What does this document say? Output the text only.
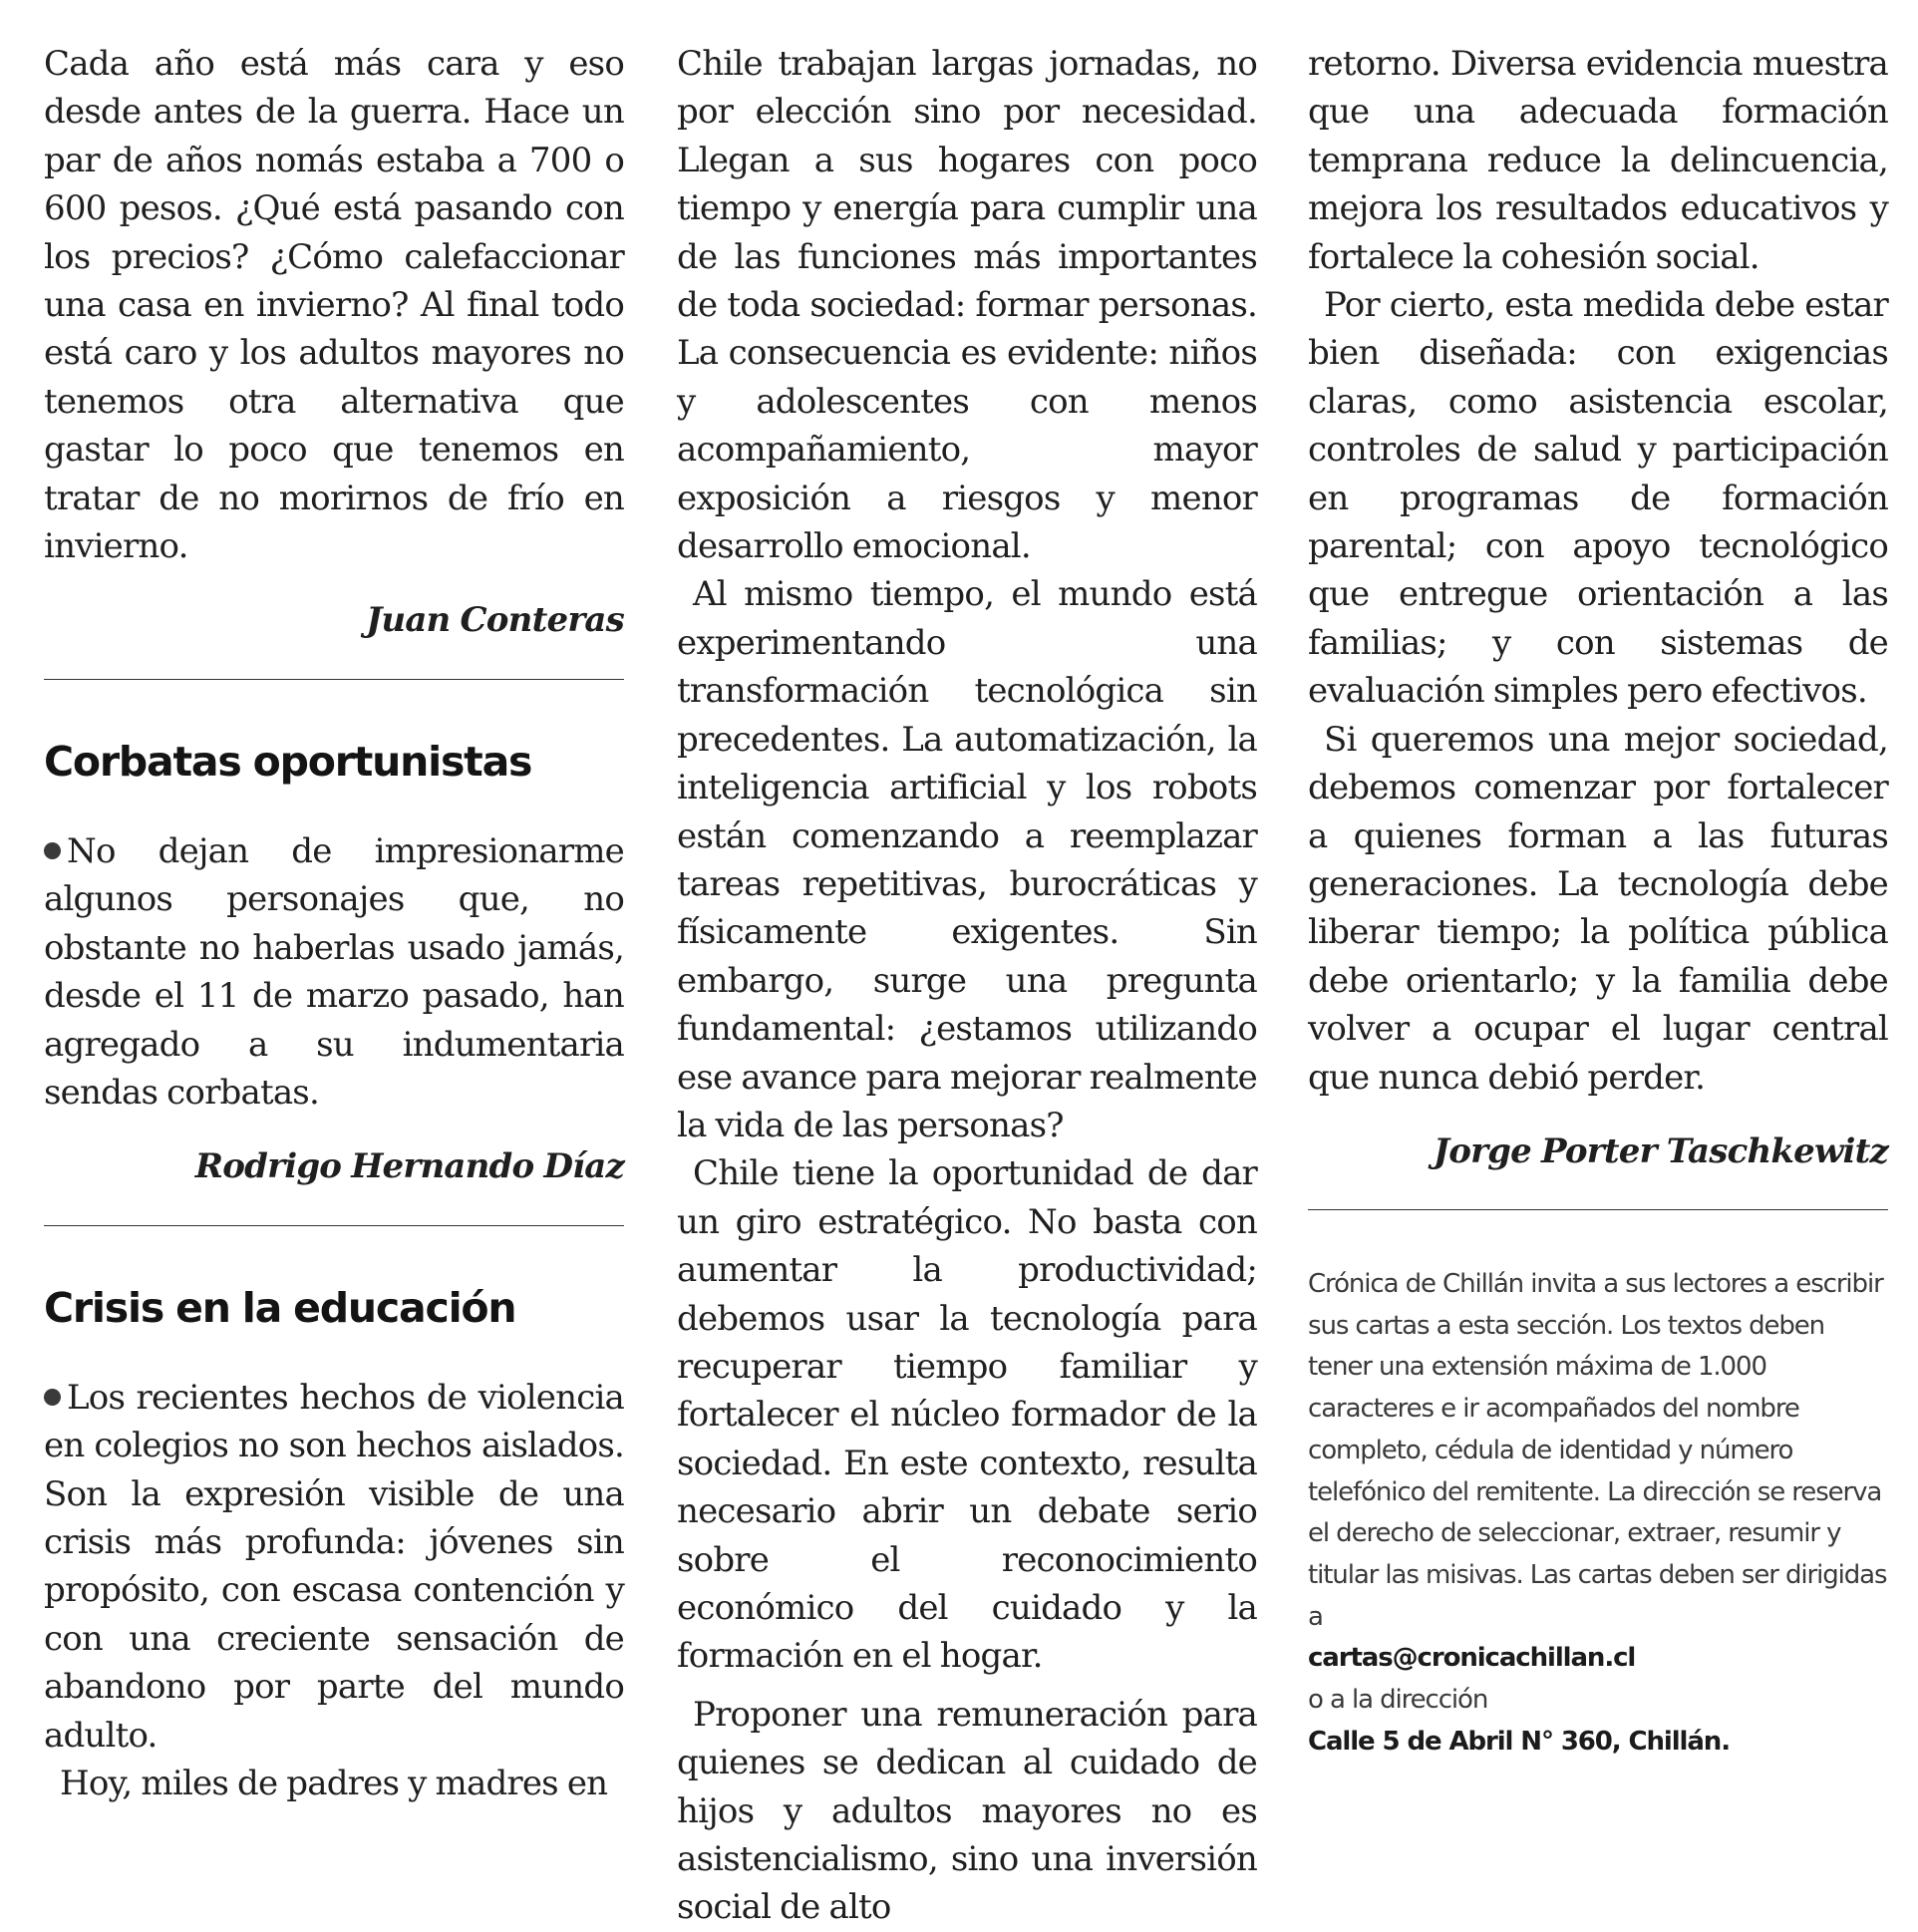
Cada año está más cara y eso desde antes de la guerra. Hace un par de años nomás estaba a 700 o 600 pesos. ¿Qué está pasando con los precios? ¿Cómo calefaccionar una casa en invierno? Al final todo está caro y los adultos mayores no tenemos otra alternativa que gastar lo poco que tenemos en tratar de no morirnos de frío en invierno.

Juan Conteras

Corbatas oportunistas

No dejan de impresionarme algunos personajes que, no obstante no haberlas usado jamás, desde el 11 de marzo pasado, han agregado a su indumentaria sendas corbatas.

Rodrigo Hernando Díaz

Crisis en la educación

Los recientes hechos de violencia en colegios no son hechos aislados. Son la expresión visible de una crisis más profunda: jóvenes sin propósito, con escasa contención y con una creciente sensación de abandono por parte del mundo adulto.

Hoy, miles de padres y madres en

Chile trabajan largas jornadas, no por elección sino por necesidad. Llegan a sus hogares con poco tiempo y energía para cumplir una de las funciones más importantes de toda sociedad: formar personas. La consecuencia es evidente: niños y adolescentes con menos acompañamiento, mayor exposición a riesgos y menor desarrollo emocional.

Al mismo tiempo, el mundo está experimentando una transformación tecnológica sin precedentes. La automatización, la inteligencia artificial y los robots están comenzando a reemplazar tareas repetitivas, burocráticas y físicamente exigentes. Sin embargo, surge una pregunta fundamental: ¿estamos utilizando ese avance para mejorar realmente la vida de las personas?

Chile tiene la oportunidad de dar un giro estratégico. No basta con aumentar la productividad; debemos usar la tecnología para recuperar tiempo familiar y fortalecer el núcleo formador de la sociedad. En este contexto, resulta necesario abrir un debate serio sobre el reconocimiento económico del cuidado y la formación en el hogar.

Proponer una remuneración para quienes se dedican al cuidado de hijos y adultos mayores no es asistencialismo, sino una inversión social de alto

retorno. Diversa evidencia muestra que una adecuada formación temprana reduce la delincuencia, mejora los resultados educativos y fortalece la cohesión social.

Por cierto, esta medida debe estar bien diseñada: con exigencias claras, como asistencia escolar, controles de salud y participación en programas de formación parental; con apoyo tecnológico que entregue orientación a las familias; y con sistemas de evaluación simples pero efectivos.

Si queremos una mejor sociedad, debemos comenzar por fortalecer a quienes forman a las futuras generaciones. La tecnología debe liberar tiempo; la política pública debe orientarlo; y la familia debe volver a ocupar el lugar central que nunca debió perder.

Jorge Porter Taschkewitz

Crónica de Chillán invita a sus lectores a escribir sus cartas a esta sección. Los textos deben tener una extensión máxima de 1.000 caracteres e ir acompañados del nombre completo, cédula de identidad y número telefónico del remitente. La dirección se reserva el derecho de seleccionar, extraer, resumir y titular las misivas. Las cartas deben ser dirigidas a

cartas@cronicachillan.cl

o a la dirección

Calle 5 de Abril N° 360, Chillán.
